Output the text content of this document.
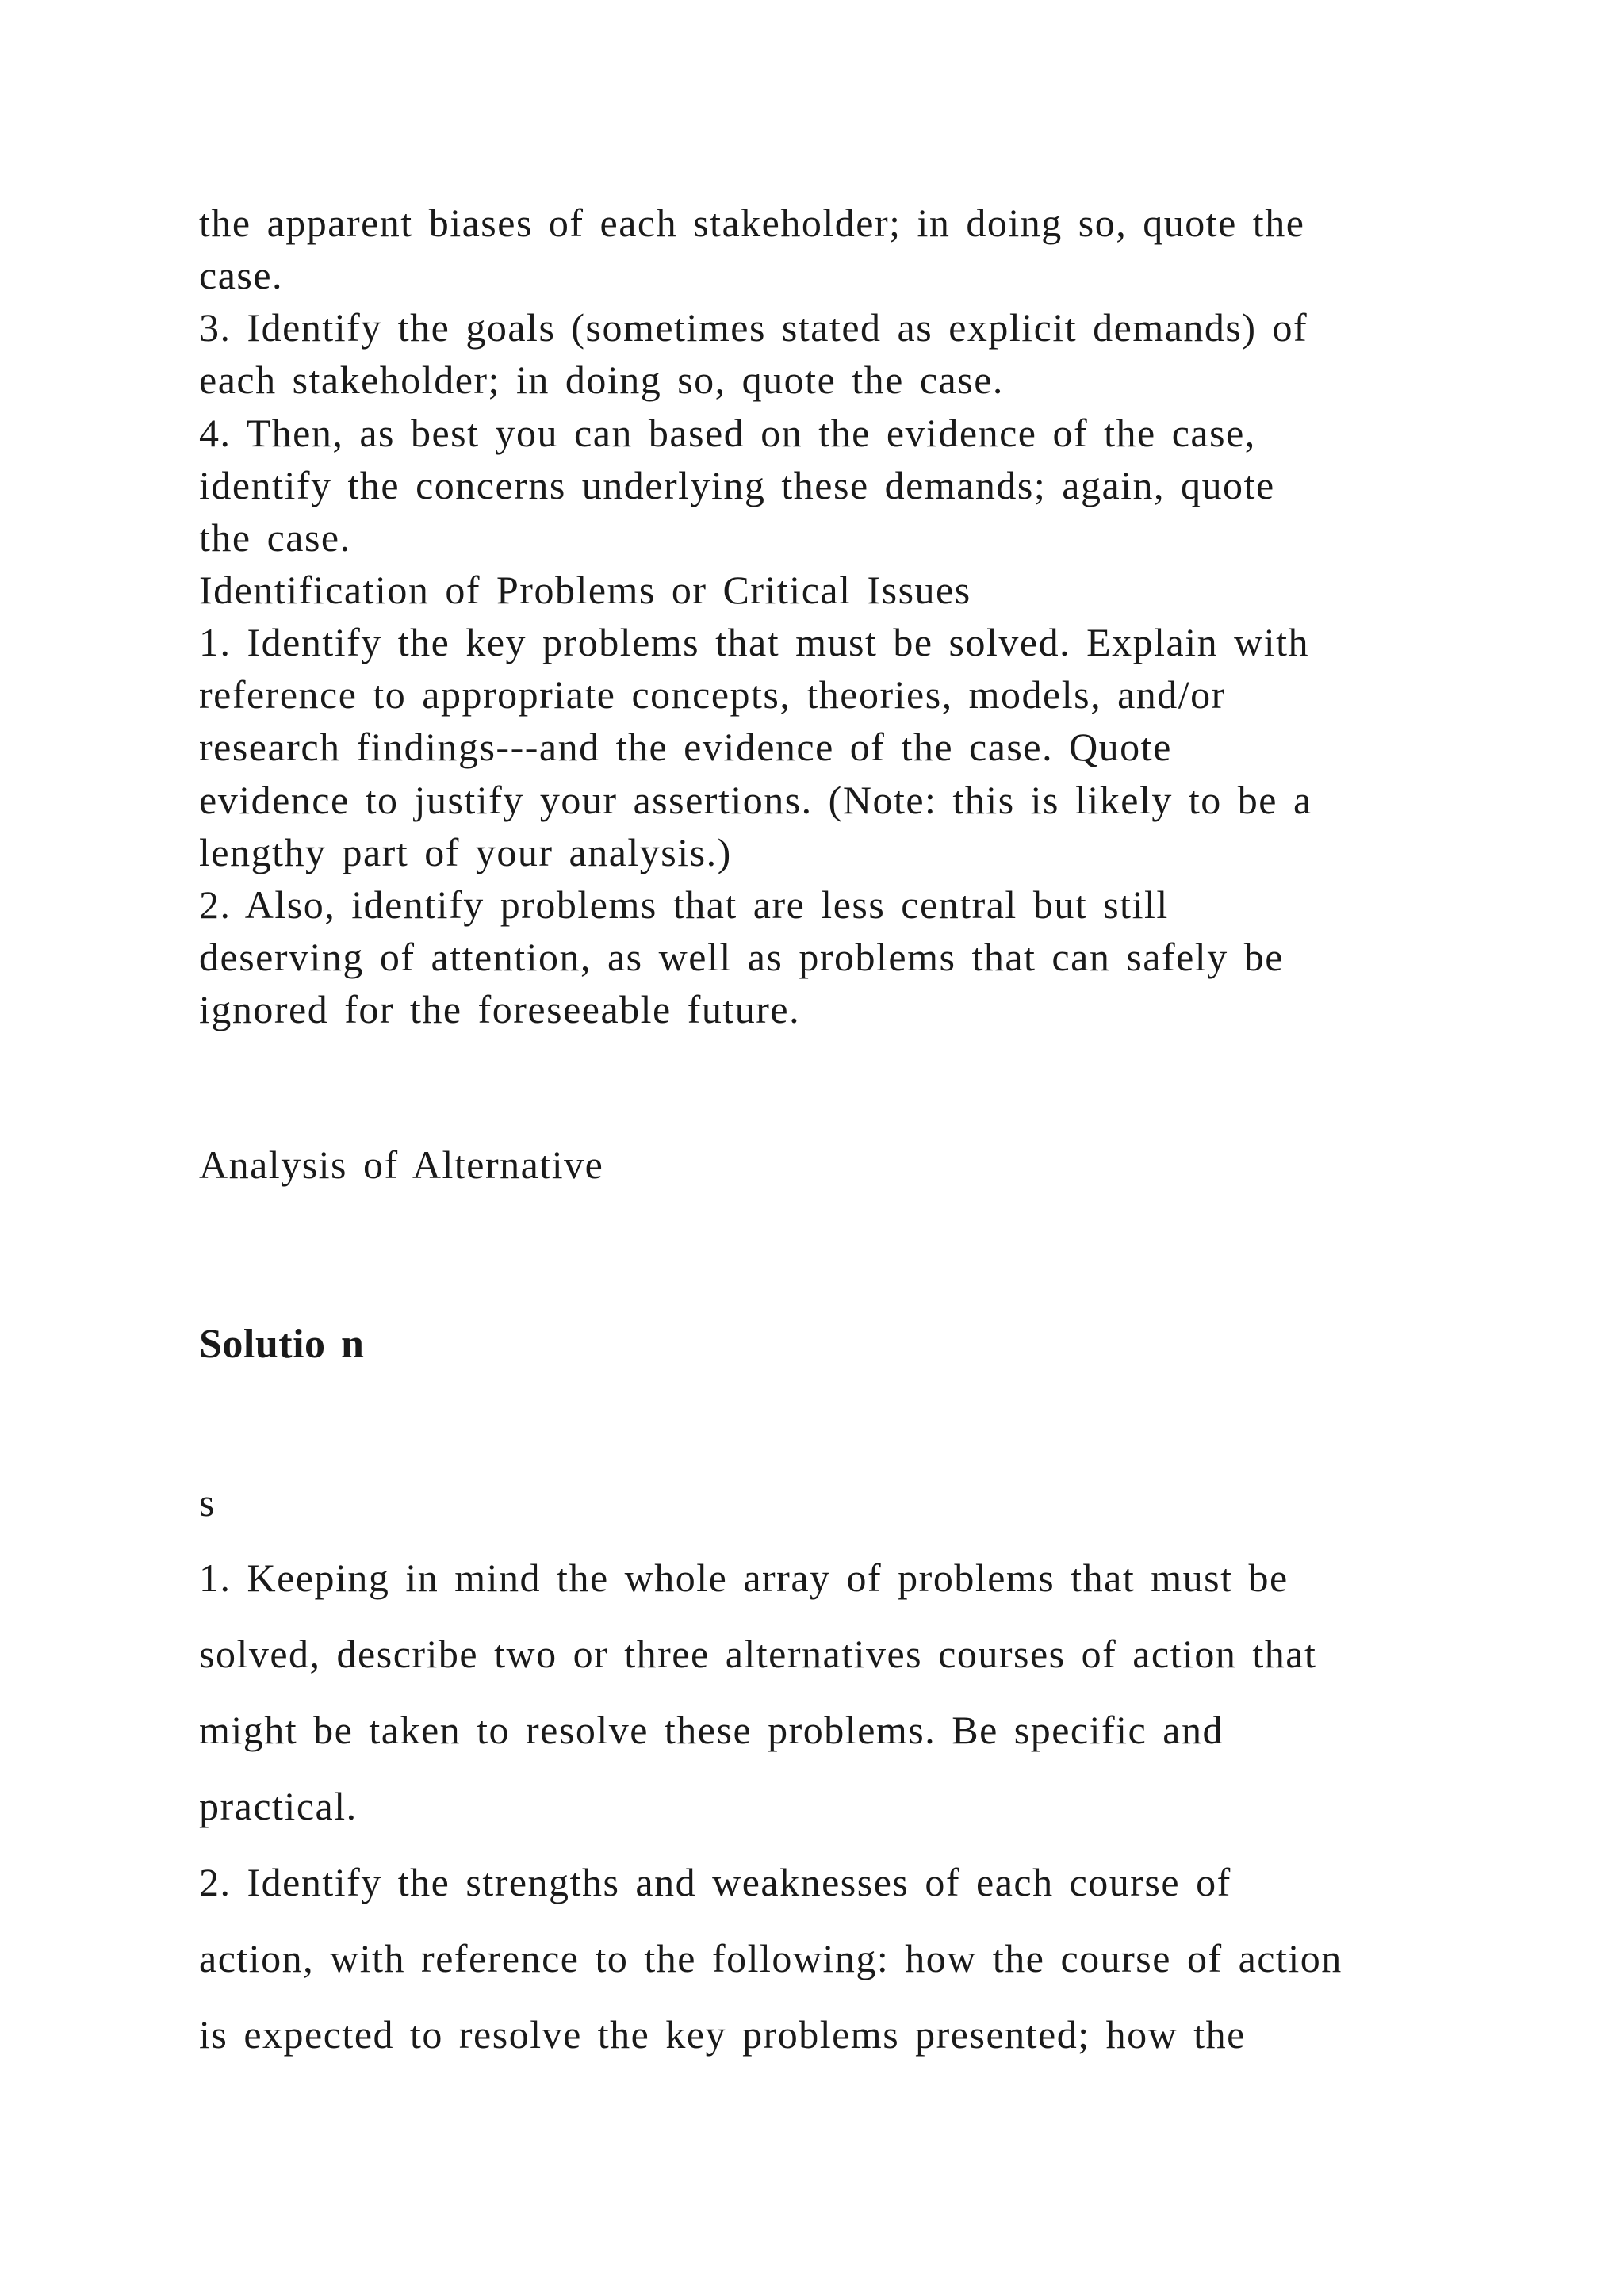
the apparent biases of each stakeholder; in doing so, quote the
case.
3. Identify the goals (sometimes stated as explicit demands) of
each stakeholder; in doing so, quote the case.
4. Then, as best you can based on the evidence of the case,
identify the concerns underlying these demands; again, quote
the case.
Identification of Problems or Critical Issues
1. Identify the key problems that must be solved. Explain with
reference to appropriate concepts, theories, models, and/or
research findings---and the evidence of the case. Quote
evidence to justify your assertions. (Note: this is likely to be a
lengthy part of your analysis.)
2. Also, identify problems that are less central but still
deserving of attention, as well as problems that can safely be
ignored for the foreseeable future.
Analysis of Alternative
Solutio n
s
1. Keeping in mind the whole array of problems that must be
solved, describe two or three alternatives courses of action that
might be taken to resolve these problems. Be specific and
practical.
2. Identify the strengths and weaknesses of each course of
action, with reference to the following: how the course of action
is expected to resolve the key problems presented; how the
